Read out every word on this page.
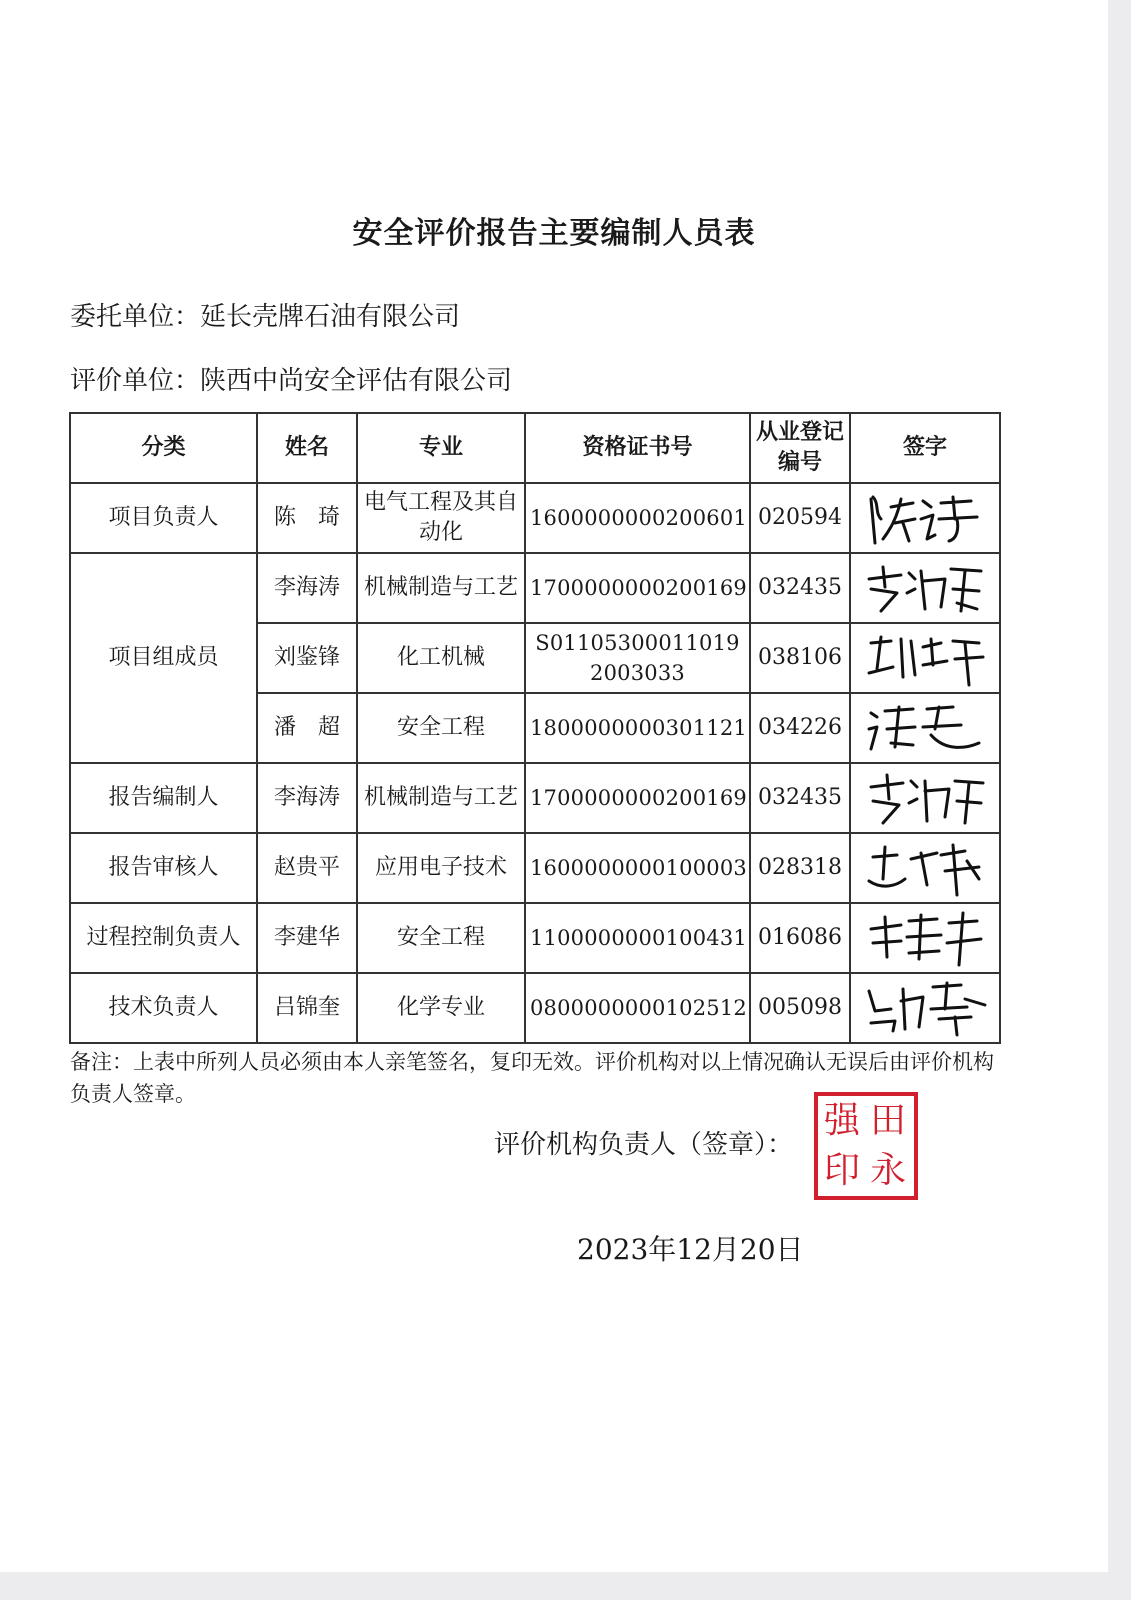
安全评价报告主要编制人员表
委托单位：延长壳牌石油有限公司
评价单位：陕西中尚安全评估有限公司
分类	姓名	专业	资格证书号	从业登记编号	签字
项目负责人	陈　琦	电气工程及其自动化	1600000000200601	020594	

项目组成员	李海涛	机械制造与工艺	1700000000200169	032435	

	刘鉴锋	化工机械	S011053000110192003033	038106	

	潘　超	安全工程	1800000000301121	034226	

报告编制人	李海涛	机械制造与工艺	1700000000200169	032435	

报告审核人	赵贵平	应用电子技术	1600000000100003	028318	

过程控制负责人	李建华	安全工程	1100000000100431	016086	

技术负责人	吕锦奎	化学专业	0800000000102512	005098	
备注：上表中所列人员必须由本人亲笔签名，复印无效。评价机构对以上情况确认无误后由评价机构负责人签章。
评价机构负责人（签章）：
田
永
强
印
2023年12月20日
